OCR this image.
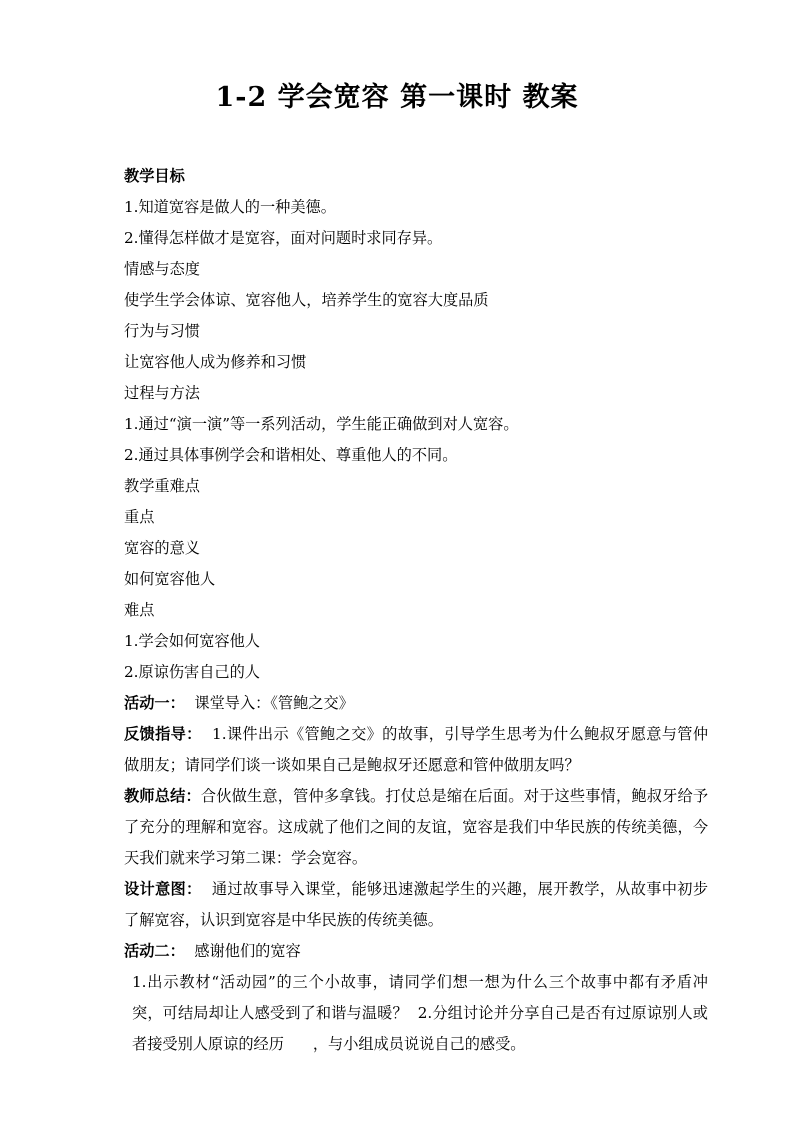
1-2 学会宽容 第一课时 教案
教学目标
1.知道宽容是做人的一种美德。
2.懂得怎样做才是宽容，面对问题时求同存异。
情感与态度
使学生学会体谅、宽容他人，培养学生的宽容大度品质
行为与习惯
让宽容他人成为修养和习惯
过程与方法
1.通过“演一演”等一系列活动，学生能正确做到对人宽容。
2.通过具体事例学会和谐相处、尊重他人的不同。
教学重难点
重点
宽容的意义
如何宽容他人
难点
1.学会如何宽容他人
2.原谅伤害自己的人
活动一： 课堂导入：《管鲍之交》
反馈指导： 1.课件出示《管鲍之交》的故事，引导学生思考为什么鲍叔牙愿意与管仲做朋友；请同学们谈一谈如果自己是鲍叔牙还愿意和管仲做朋友吗？
教师总结：合伙做生意，管仲多拿钱。打仗总是缩在后面。对于这些事情，鲍叔牙给予了充分的理解和宽容。这成就了他们之间的友谊，宽容是我们中华民族的传统美德，今天我们就来学习第二课：学会宽容。
设计意图： 通过故事导入课堂，能够迅速激起学生的兴趣，展开教学，从故事中初步了解宽容，认识到宽容是中华民族的传统美德。
活动二： 感谢他们的宽容
1.出示教材“活动园”的三个小故事，请同学们想一想为什么三个故事中都有矛盾冲突，可结局却让人感受到了和谐与温暖？  2.分组讨论并分享自己是否有过原谅别人或者接受别人原谅的经历      ，与小组成员说说自己的感受。
